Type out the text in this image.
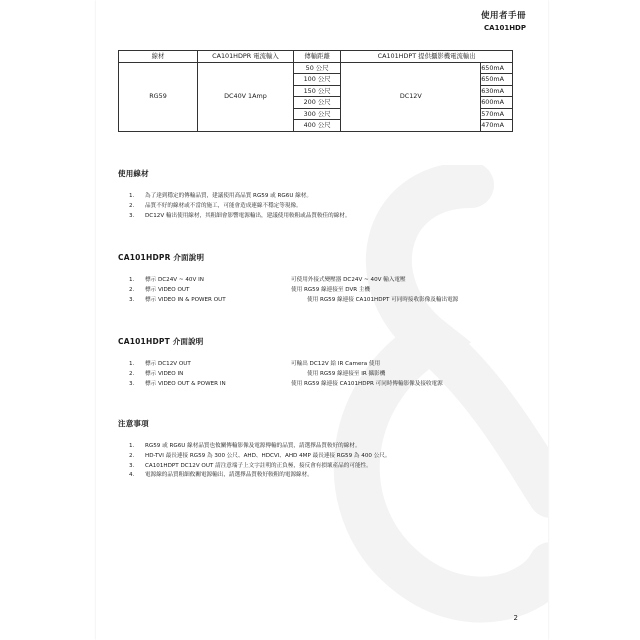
使用者手冊
CA101HDP
線材	CA101HDPR 電流輸入	傳輸距離	CA101HDPT 提供攝影機電流輸出	
RG59	DC40V 1Amp	50 公尺	DC12V	650mA
		100 公尺		650mA
		150 公尺		630mA
		200 公尺		600mA
		300 公尺		570mA
		400 公尺		470mA
使用線材
1. 為了達到穩定的傳輸品質，建議使用高品質 RG59 或 RG6U 線材。
2. 品質不好的線材或不當的施工，可能會造成連線不穩定等現像。
3. DC12V 輸出使用線材，其粗細會影響電源輸出，建議使用較粗或品質較佳的線材。
CA101HDPR 介面說明
1. 標示 DC24V ~ 40V IN	可使用外接式變壓器 DC24V ~ 40V 輸入電壓
2. 標示 VIDEO OUT	使用 RG59 線連接至 DVR 主機
3. 標示 VIDEO IN & POWER OUT	使用 RG59 線連接 CA101HDPT 可同時接收影像及輸出電源
CA101HDPT 介面說明
1. 標示 DC12V OUT	可輸出 DC12V 給 IR Camera 使用
2. 標示 VIDEO IN	使用 RG59 線連接至 IR 攝影機
3. 標示 VIDEO OUT & POWER IN	使用 RG59 線連接 CA101HDPR 可同時傳輸影像及接收電源
注意事項
1. RG59 或 RG6U 線材品質也攸關傳輸影像及電源傳輸的品質，請選擇品質較好的線材。
2. HD-TVI 最長連接 RG59 為 300 公尺、AHD、HDCVI、AHD 4MP 最長連接 RG59 為 400 公尺。
3. CA101HDPT DC12V OUT 請注意端子上文字註明的正負極，接反會有損壞產品的可能性。
4. 電源線的品質粗細攸關電源輸出，請選擇品質較好較粗的電源線材。
2
